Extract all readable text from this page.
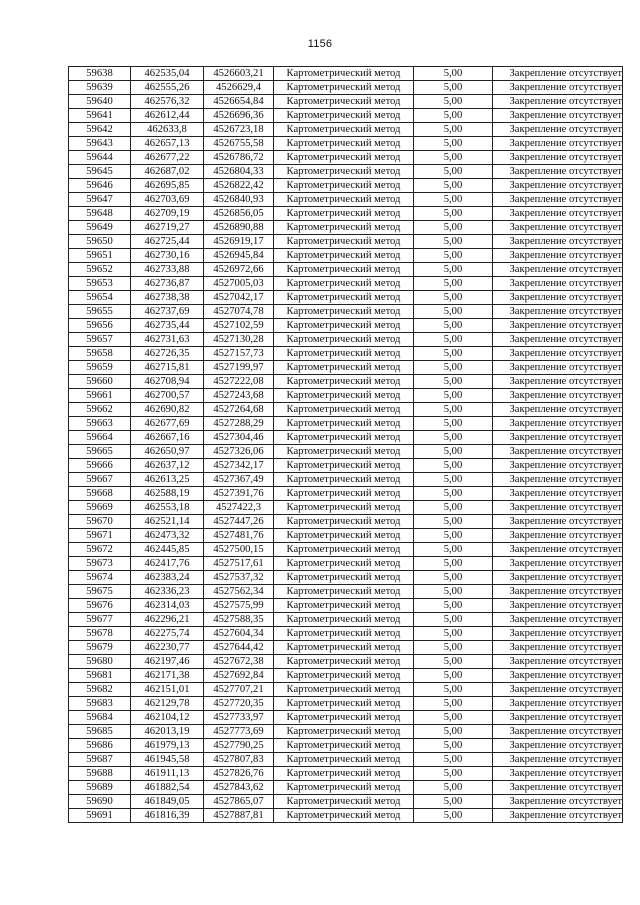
1156
59638	462535,04	4526603,21	Картометрический метод	5,00	Закрепление отсутствует
59639	462555,26	4526629,4	Картометрический метод	5,00	Закрепление отсутствует
59640	462576,32	4526654,84	Картометрический метод	5,00	Закрепление отсутствует
59641	462612,44	4526696,36	Картометрический метод	5,00	Закрепление отсутствует
59642	462633,8	4526723,18	Картометрический метод	5,00	Закрепление отсутствует
59643	462657,13	4526755,58	Картометрический метод	5,00	Закрепление отсутствует
59644	462677,22	4526786,72	Картометрический метод	5,00	Закрепление отсутствует
59645	462687,02	4526804,33	Картометрический метод	5,00	Закрепление отсутствует
59646	462695,85	4526822,42	Картометрический метод	5,00	Закрепление отсутствует
59647	462703,69	4526840,93	Картометрический метод	5,00	Закрепление отсутствует
59648	462709,19	4526856,05	Картометрический метод	5,00	Закрепление отсутствует
59649	462719,27	4526890,88	Картометрический метод	5,00	Закрепление отсутствует
59650	462725,44	4526919,17	Картометрический метод	5,00	Закрепление отсутствует
59651	462730,16	4526945,84	Картометрический метод	5,00	Закрепление отсутствует
59652	462733,88	4526972,66	Картометрический метод	5,00	Закрепление отсутствует
59653	462736,87	4527005,03	Картометрический метод	5,00	Закрепление отсутствует
59654	462738,38	4527042,17	Картометрический метод	5,00	Закрепление отсутствует
59655	462737,69	4527074,78	Картометрический метод	5,00	Закрепление отсутствует
59656	462735,44	4527102,59	Картометрический метод	5,00	Закрепление отсутствует
59657	462731,63	4527130,28	Картометрический метод	5,00	Закрепление отсутствует
59658	462726,35	4527157,73	Картометрический метод	5,00	Закрепление отсутствует
59659	462715,81	4527199,97	Картометрический метод	5,00	Закрепление отсутствует
59660	462708,94	4527222,08	Картометрический метод	5,00	Закрепление отсутствует
59661	462700,57	4527243,68	Картометрический метод	5,00	Закрепление отсутствует
59662	462690,82	4527264,68	Картометрический метод	5,00	Закрепление отсутствует
59663	462677,69	4527288,29	Картометрический метод	5,00	Закрепление отсутствует
59664	462667,16	4527304,46	Картометрический метод	5,00	Закрепление отсутствует
59665	462650,97	4527326,06	Картометрический метод	5,00	Закрепление отсутствует
59666	462637,12	4527342,17	Картометрический метод	5,00	Закрепление отсутствует
59667	462613,25	4527367,49	Картометрический метод	5,00	Закрепление отсутствует
59668	462588,19	4527391,76	Картометрический метод	5,00	Закрепление отсутствует
59669	462553,18	4527422,3	Картометрический метод	5,00	Закрепление отсутствует
59670	462521,14	4527447,26	Картометрический метод	5,00	Закрепление отсутствует
59671	462473,32	4527481,76	Картометрический метод	5,00	Закрепление отсутствует
59672	462445,85	4527500,15	Картометрический метод	5,00	Закрепление отсутствует
59673	462417,76	4527517,61	Картометрический метод	5,00	Закрепление отсутствует
59674	462383,24	4527537,32	Картометрический метод	5,00	Закрепление отсутствует
59675	462336,23	4527562,34	Картометрический метод	5,00	Закрепление отсутствует
59676	462314,03	4527575,99	Картометрический метод	5,00	Закрепление отсутствует
59677	462296,21	4527588,35	Картометрический метод	5,00	Закрепление отсутствует
59678	462275,74	4527604,34	Картометрический метод	5,00	Закрепление отсутствует
59679	462230,77	4527644,42	Картометрический метод	5,00	Закрепление отсутствует
59680	462197,46	4527672,38	Картометрический метод	5,00	Закрепление отсутствует
59681	462171,38	4527692,84	Картометрический метод	5,00	Закрепление отсутствует
59682	462151,01	4527707,21	Картометрический метод	5,00	Закрепление отсутствует
59683	462129,78	4527720,35	Картометрический метод	5,00	Закрепление отсутствует
59684	462104,12	4527733,97	Картометрический метод	5,00	Закрепление отсутствует
59685	462013,19	4527773,69	Картометрический метод	5,00	Закрепление отсутствует
59686	461979,13	4527790,25	Картометрический метод	5,00	Закрепление отсутствует
59687	461945,58	4527807,83	Картометрический метод	5,00	Закрепление отсутствует
59688	461911,13	4527826,76	Картометрический метод	5,00	Закрепление отсутствует
59689	461882,54	4527843,62	Картометрический метод	5,00	Закрепление отсутствует
59690	461849,05	4527865,07	Картометрический метод	5,00	Закрепление отсутствует
59691	461816,39	4527887,81	Картометрический метод	5,00	Закрепление отсутствует
